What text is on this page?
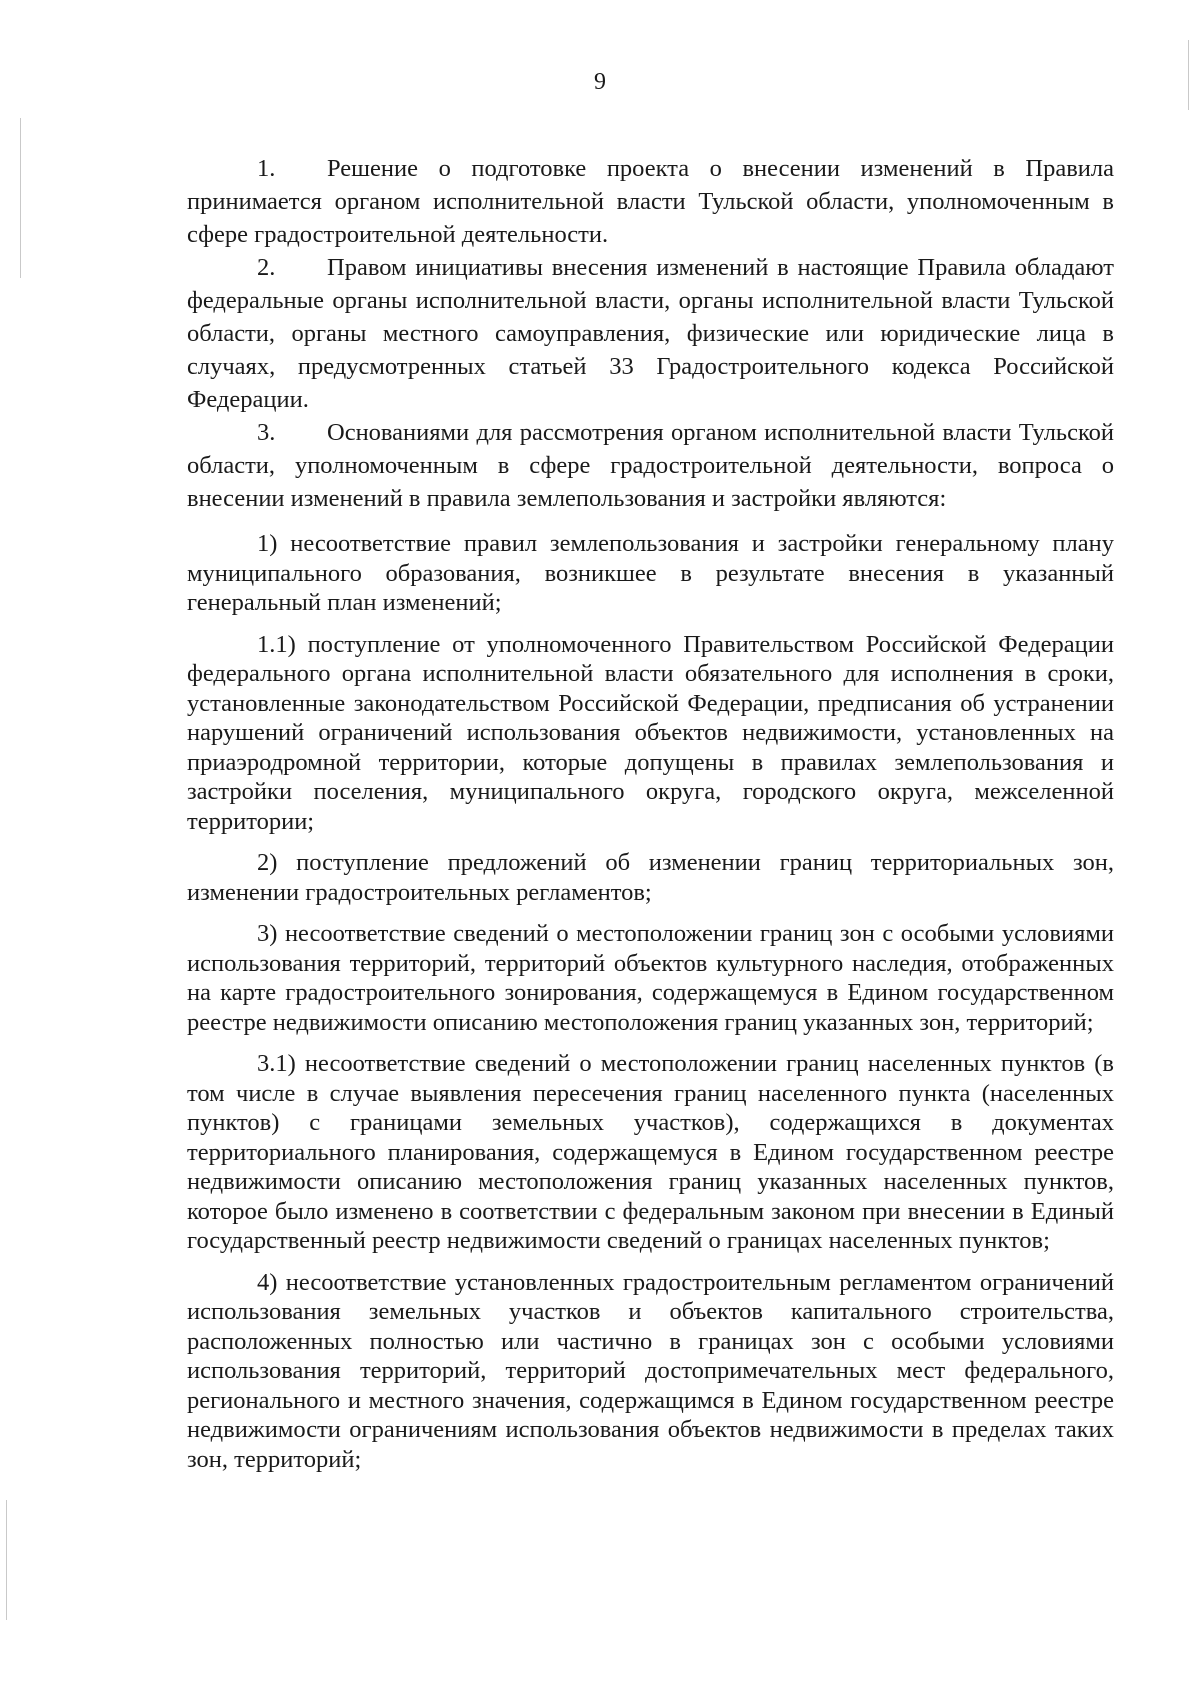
9

1. Решение о подготовке проекта о внесении изменений в Правила принимается органом исполнительной власти Тульской области, уполномоченным в сфере градостроительной деятельности.

2. Правом инициативы внесения изменений в настоящие Правила обладают федеральные органы исполнительной власти, органы исполнительной власти Тульской области, органы местного самоуправления, физические или юридические лица в случаях, предусмотренных статьей 33 Градостроительного кодекса Российской Федерации.

3. Основаниями для рассмотрения органом исполнительной власти Тульской области, уполномоченным в сфере градостроительной деятельности, вопроса о внесении изменений в правила землепользования и застройки являются:

1) несоответствие правил землепользования и застройки генеральному плану муниципального образования, возникшее в результате внесения в указанный генеральный план изменений;

1.1) поступление от уполномоченного Правительством Российской Федерации федерального органа исполнительной власти обязательного для исполнения в сроки, установленные законодательством Российской Федерации, предписания об устранении нарушений ограничений использования объектов недвижимости, установленных на приаэродромной территории, которые допущены в правилах землепользования и застройки поселения, муниципального округа, городского округа, межселенной территории;

2) поступление предложений об изменении границ территориальных зон, изменении градостроительных регламентов;

3) несоответствие сведений о местоположении границ зон с особыми условиями использования территорий, территорий объектов культурного наследия, отображенных на карте градостроительного зонирования, содержащемуся в Едином государственном реестре недвижимости описанию местоположения границ указанных зон, территорий;

3.1) несоответствие сведений о местоположении границ населенных пунктов (в том числе в случае выявления пересечения границ населенного пункта (населенных пунктов) с границами земельных участков), содержащихся в документах территориального планирования, содержащемуся в Едином государственном реестре недвижимости описанию местоположения границ указанных населенных пунктов, которое было изменено в соответствии с федеральным законом при внесении в Единый государственный реестр недвижимости сведений о границах населенных пунктов;

4) несоответствие установленных градостроительным регламентом ограничений использования земельных участков и объектов капитального строительства, расположенных полностью или частично в границах зон с особыми условиями использования территорий, территорий достопримечательных мест федерального, регионального и местного значения, содержащимся в Едином государственном реестре недвижимости ограничениям использования объектов недвижимости в пределах таких зон, территорий;
